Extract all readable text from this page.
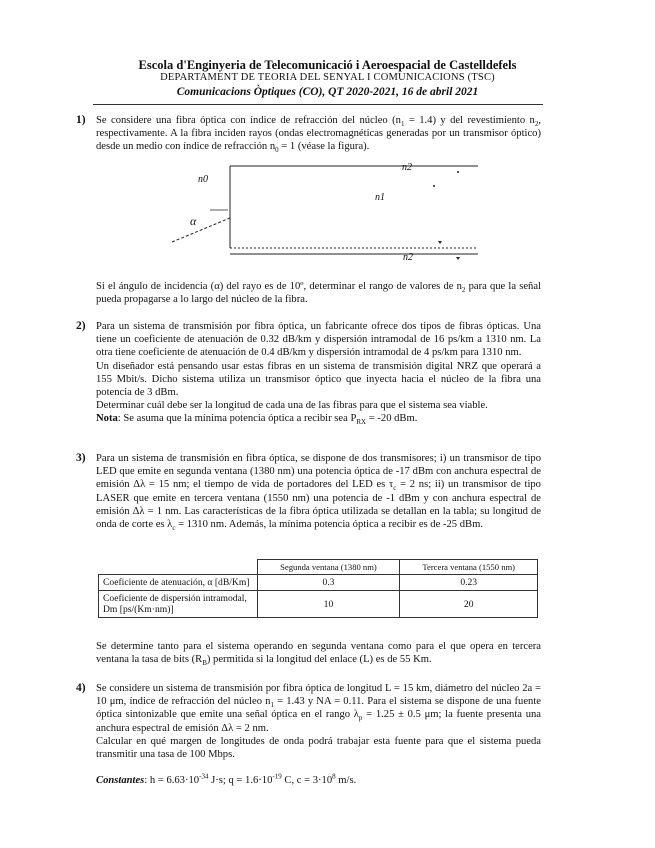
Escola d'Enginyeria de Telecomunicació i Aeroespacial de Castelldefels
DEPARTAMENT DE TEORIA DEL SENYAL I COMUNICACIONS (TSC)
Comunicacions Òptiques (CO), QT 2020-2021, 16 de abril 2021
1) Se considere una fibra óptica con índice de refracción del núcleo $(n_1 = 1.4)$ y del revestimiento $n_2$, respectivamente. A la fibra inciden rayos (ondas electromagnéticas generadas por un transmisor óptico) desde un medio con índice de refracción $n_0 = 1$ (véase la figura).

n0
n1
n2
n2
α

Si el ángulo de incidencia (α) del rayo es de 10º, determinar el rango de valores de $n_2$ para que la señal pueda propagarse a lo largo del núcleo de la fibra.

2) Para un sistema de transmisión por fibra óptica, un fabricante ofrece dos tipos de fibras ópticas. Una tiene un coeficiente de atenuación de 0.32 dB/km y dispersión intramodal de 16 ps/km a 1310 nm. La otra tiene coeficiente de atenuación de 0.4 dB/km y dispersión intramodal de 4 ps/km para 1310 nm.

Un diseñador está pensando usar estas fibras en un sistema de transmisión digital NRZ que operará a 155 Mbit/s. Dicho sistema utiliza un transmisor óptico que inyecta hacia el núcleo de la fibra una potencia de 3 dBm.

Determinar cuál debe ser la longitud de cada una de las fibras para que el sistema sea viable.

Nota: Se asuma que la mínima potencia óptica a recibir sea $P_{RX} = -20$ dBm.

3) Para un sistema de transmisión en fibra óptica, se dispone de dos transmisores; i) un transmisor de tipo LED que emite en segunda ventana (1380 nm) una potencia óptica de -17 dBm con anchura espectral de emisión Δλ = 15 nm; el tiempo de vida de portadores del LED es $\tau_c = 2$ ns; ii) un transmisor de tipo LASER que emite en tercera ventana (1550 nm) una potencia de -1 dBm y con anchura espectral de emisión Δλ = 1 nm. Las características de la fibra óptica utilizada se detallan en la tabla; su longitud de onda de corte es $\lambda_c = 1310$ nm. Además, la mínima potencia óptica a recibir es de -25 dBm.

	Segunda ventana (1380 nm)	Tercera ventana (1550 nm)
Coeficiente de atenuación, α [dB/Km]	0.3	0.23
Coeficiente de dispersión intramodal, Dm [ps/(Km·nm)]	10	20

Se determine tanto para el sistema operando en segunda ventana como para el que opera en tercera ventana la tasa de bits $(R_B)$ permitida si la longitud del enlace (L) es de 55 Km.

4) Se considere un sistema de transmisión por fibra óptica de longitud L = 15 km, diámetro del núcleo 2a = 10 μm, índice de refracción del núcleo $n_1 = 1.43$ y NA = 0.11. Para el sistema se dispone de una fuente óptica sintonizable que emite una señal óptica en el rango $\lambda_p = 1.25 \pm 0.5$ μm; la fuente presenta una anchura espectral de emisión Δλ = 2 nm.

Calcular en qué margen de longitudes de onda podrá trabajar esta fuente para que el sistema pueda transmitir una tasa de 100 Mbps.

Constantes: $h = 6.63\cdot 10^{-34}$ J·s; $q = 1.6\cdot 10^{-19}$ C, $c = 3\cdot 10^8$ m/s.
